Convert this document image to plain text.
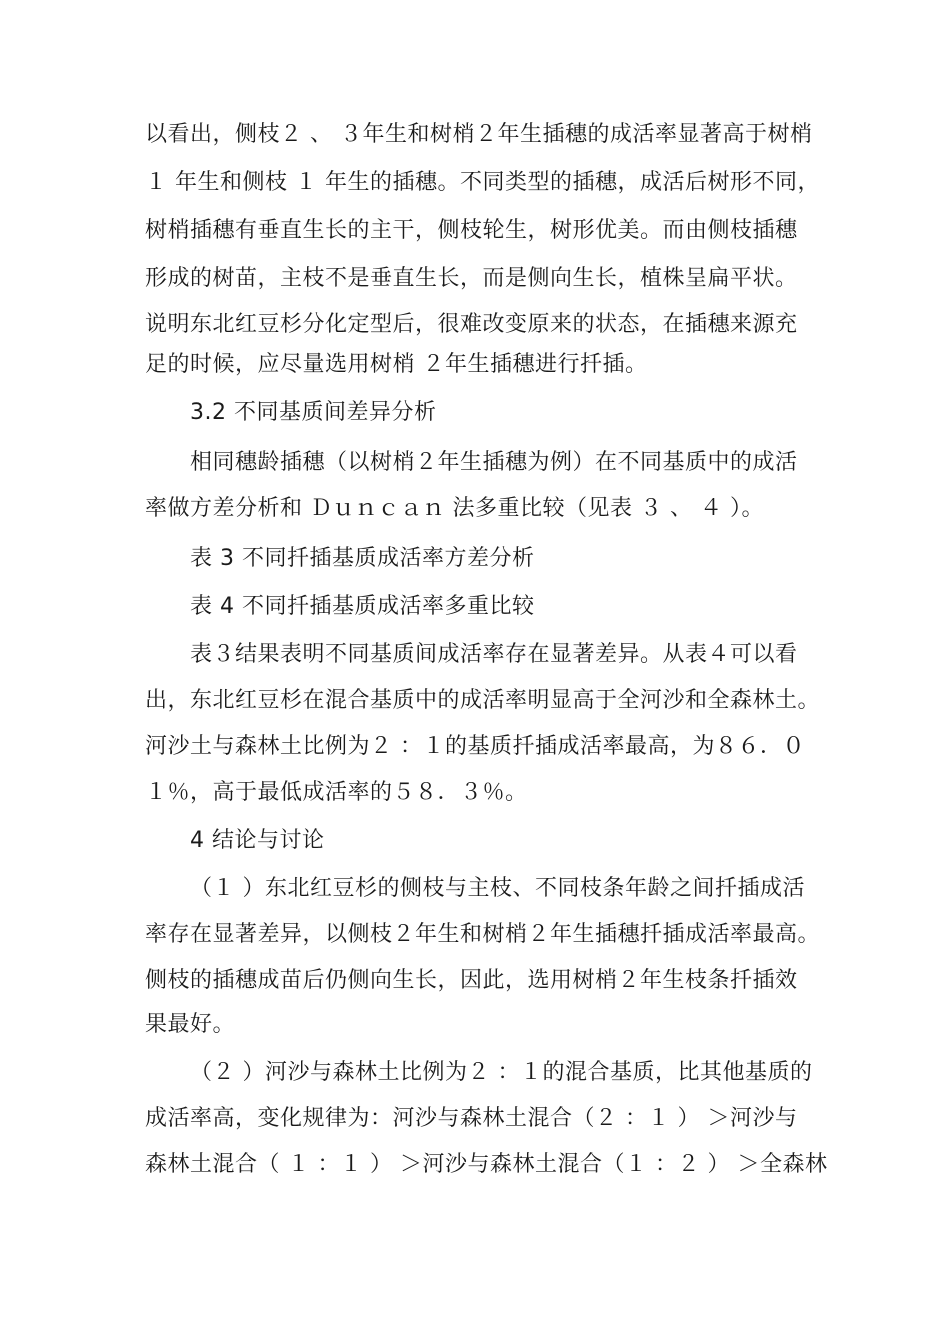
以看出，侧枝２ 、 ３年生和树梢２年生插穗的成活率显著高于树梢
１ 年生和侧枝 １ 年生的插穗。不同类型的插穗，成活后树形不同，
树梢插穗有垂直生长的主干，侧枝轮生，树形优美。而由侧枝插穗
形成的树苗，主枝不是垂直生长，而是侧向生长，植株呈扁平状。
说明东北红豆杉分化定型后，很难改变原来的状态，在插穗来源充
足的时候，应尽量选用树梢 ２年生插穗进行扦插。
3.2 不同基质间差异分析
相同穗龄插穗（以树梢２年生插穗为例）在不同基质中的成活
率做方差分析和 Ｄｕｎｃａｎ 法多重比较（见表 ３ 、 ４ ）。
表 3 不同扦插基质成活率方差分析
表 4 不同扦插基质成活率多重比较
表３结果表明不同基质间成活率存在显著差异。从表４可以看
出，东北红豆杉在混合基质中的成活率明显高于全河沙和全森林土。
河沙土与森林土比例为２ ：１的基质扦插成活率最高，为８６．０
１％，高于最低成活率的５８．３％。
4 结论与讨论
（１ ）东北红豆杉的侧枝与主枝、不同枝条年龄之间扦插成活
率存在显著差异，以侧枝２年生和树梢２年生插穗扦插成活率最高。
侧枝的插穗成苗后仍侧向生长，因此，选用树梢２年生枝条扦插效
果最好。
（２ ）河沙与森林土比例为２ ：１的混合基质，比其他基质的
成活率高，变化规律为：河沙与森林土混合（２ ：１ ） ＞河沙与
森林土混合（ １ ：１ ） ＞河沙与森林土混合（１ ：２ ） ＞全森林
